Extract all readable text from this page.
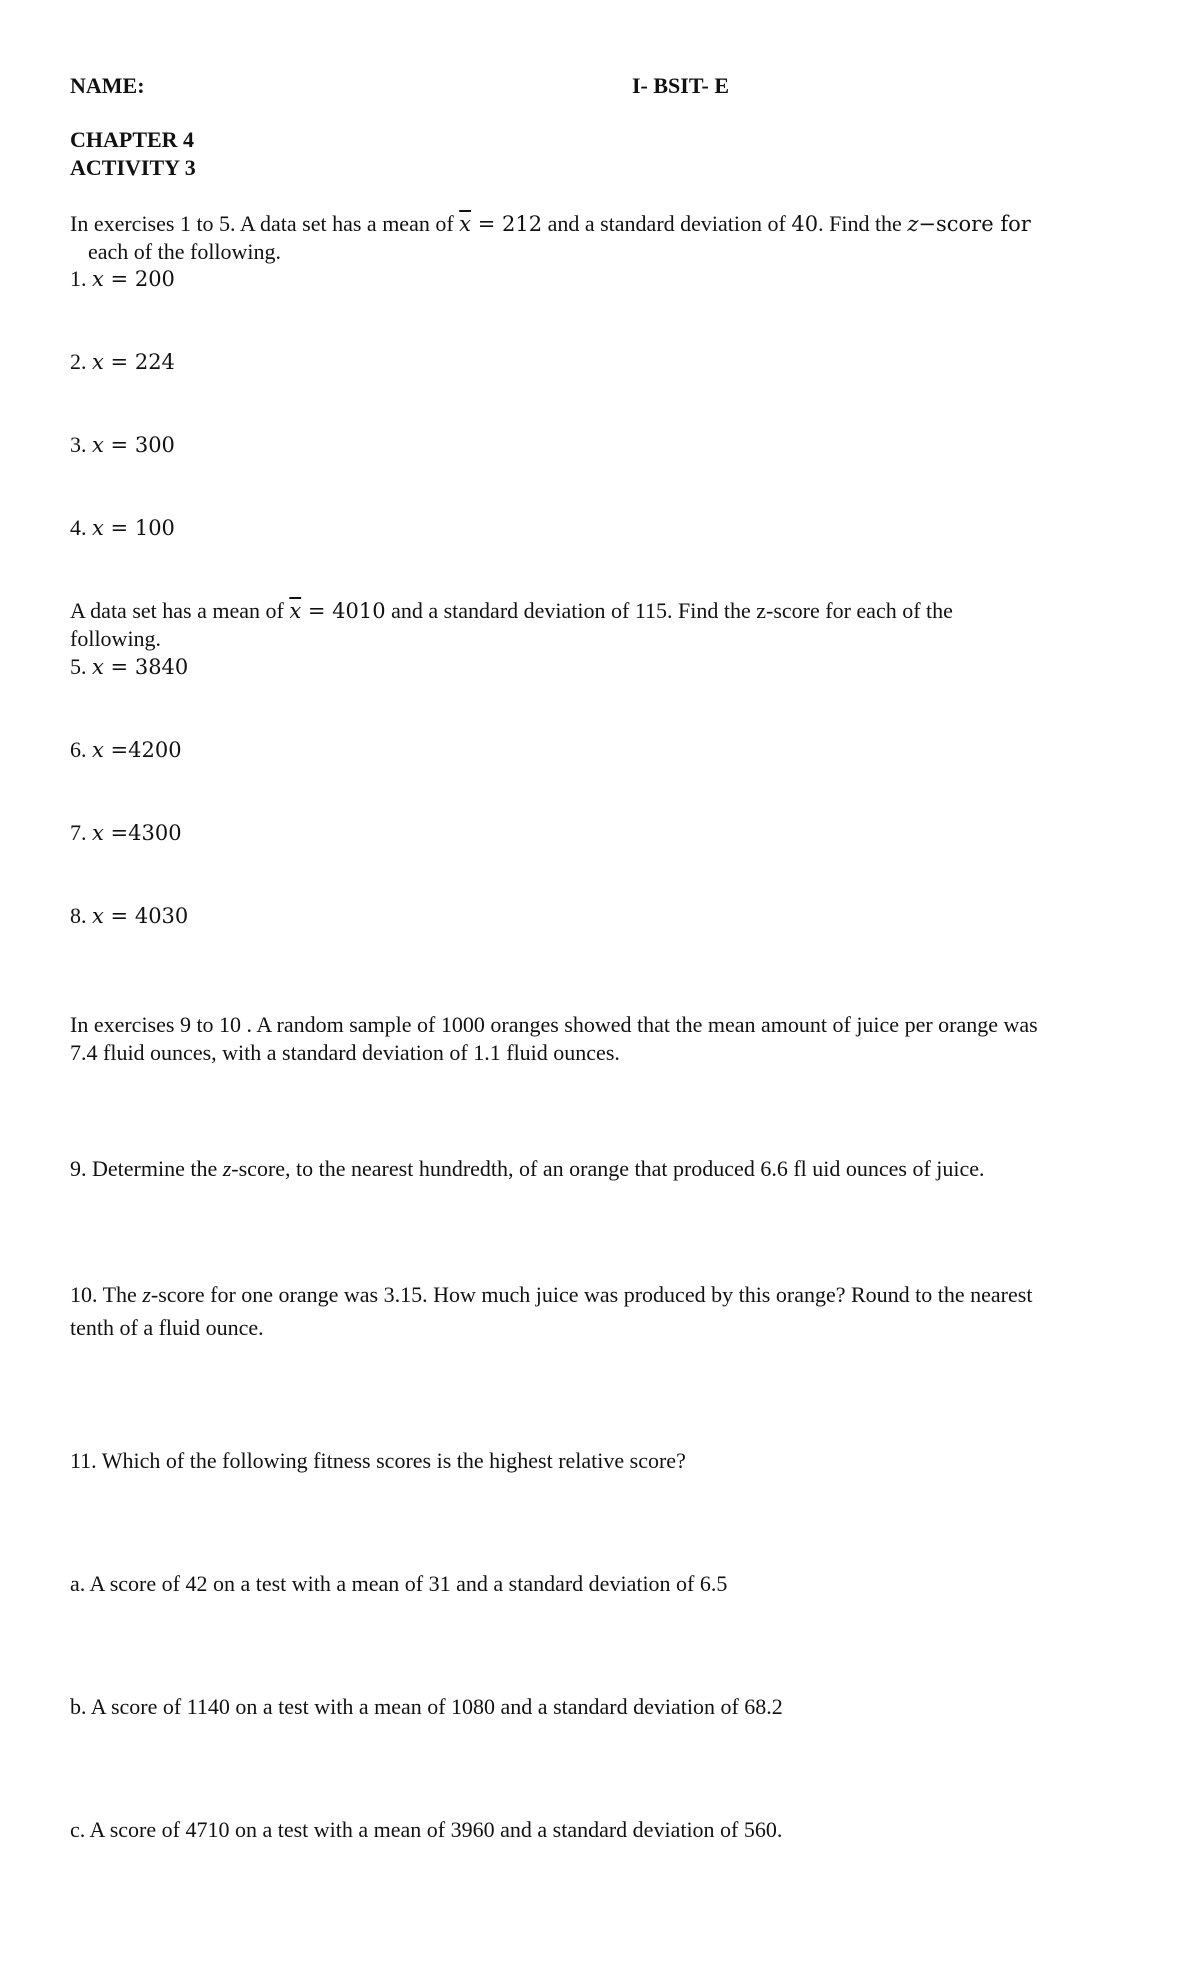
NAME:	I- BSIT- E
CHAPTER 4
ACTIVITY 3
In exercises 1 to 5. A data set has a mean of $\overline{x} = 212$ and a standard deviation of 40. Find the z−score for
each of the following.
1. x = 200
2. x = 224
3. x = 300
4. x = 100
A data set has a mean of $\overline{x} = 4010$ and a standard deviation of 115. Find the z-score for each of the
following.
5. x = 3840
6. x =4200
7. x =4300
8. x = 4030
In exercises 9 to 10 . A random sample of 1000 oranges showed that the mean amount of juice per orange was
7.4 fluid ounces, with a standard deviation of 1.1 fluid ounces.
9. Determine the z-score, to the nearest hundredth, of an orange that produced 6.6 fl uid ounces of juice.
10. The z-score for one orange was 3.15. How much juice was produced by this orange? Round to the nearest
tenth of a fluid ounce.
11. Which of the following fitness scores is the highest relative score?
a. A score of 42 on a test with a mean of 31 and a standard deviation of 6.5
b. A score of 1140 on a test with a mean of 1080 and a standard deviation of 68.2
c. A score of 4710 on a test with a mean of 3960 and a standard deviation of 560.
